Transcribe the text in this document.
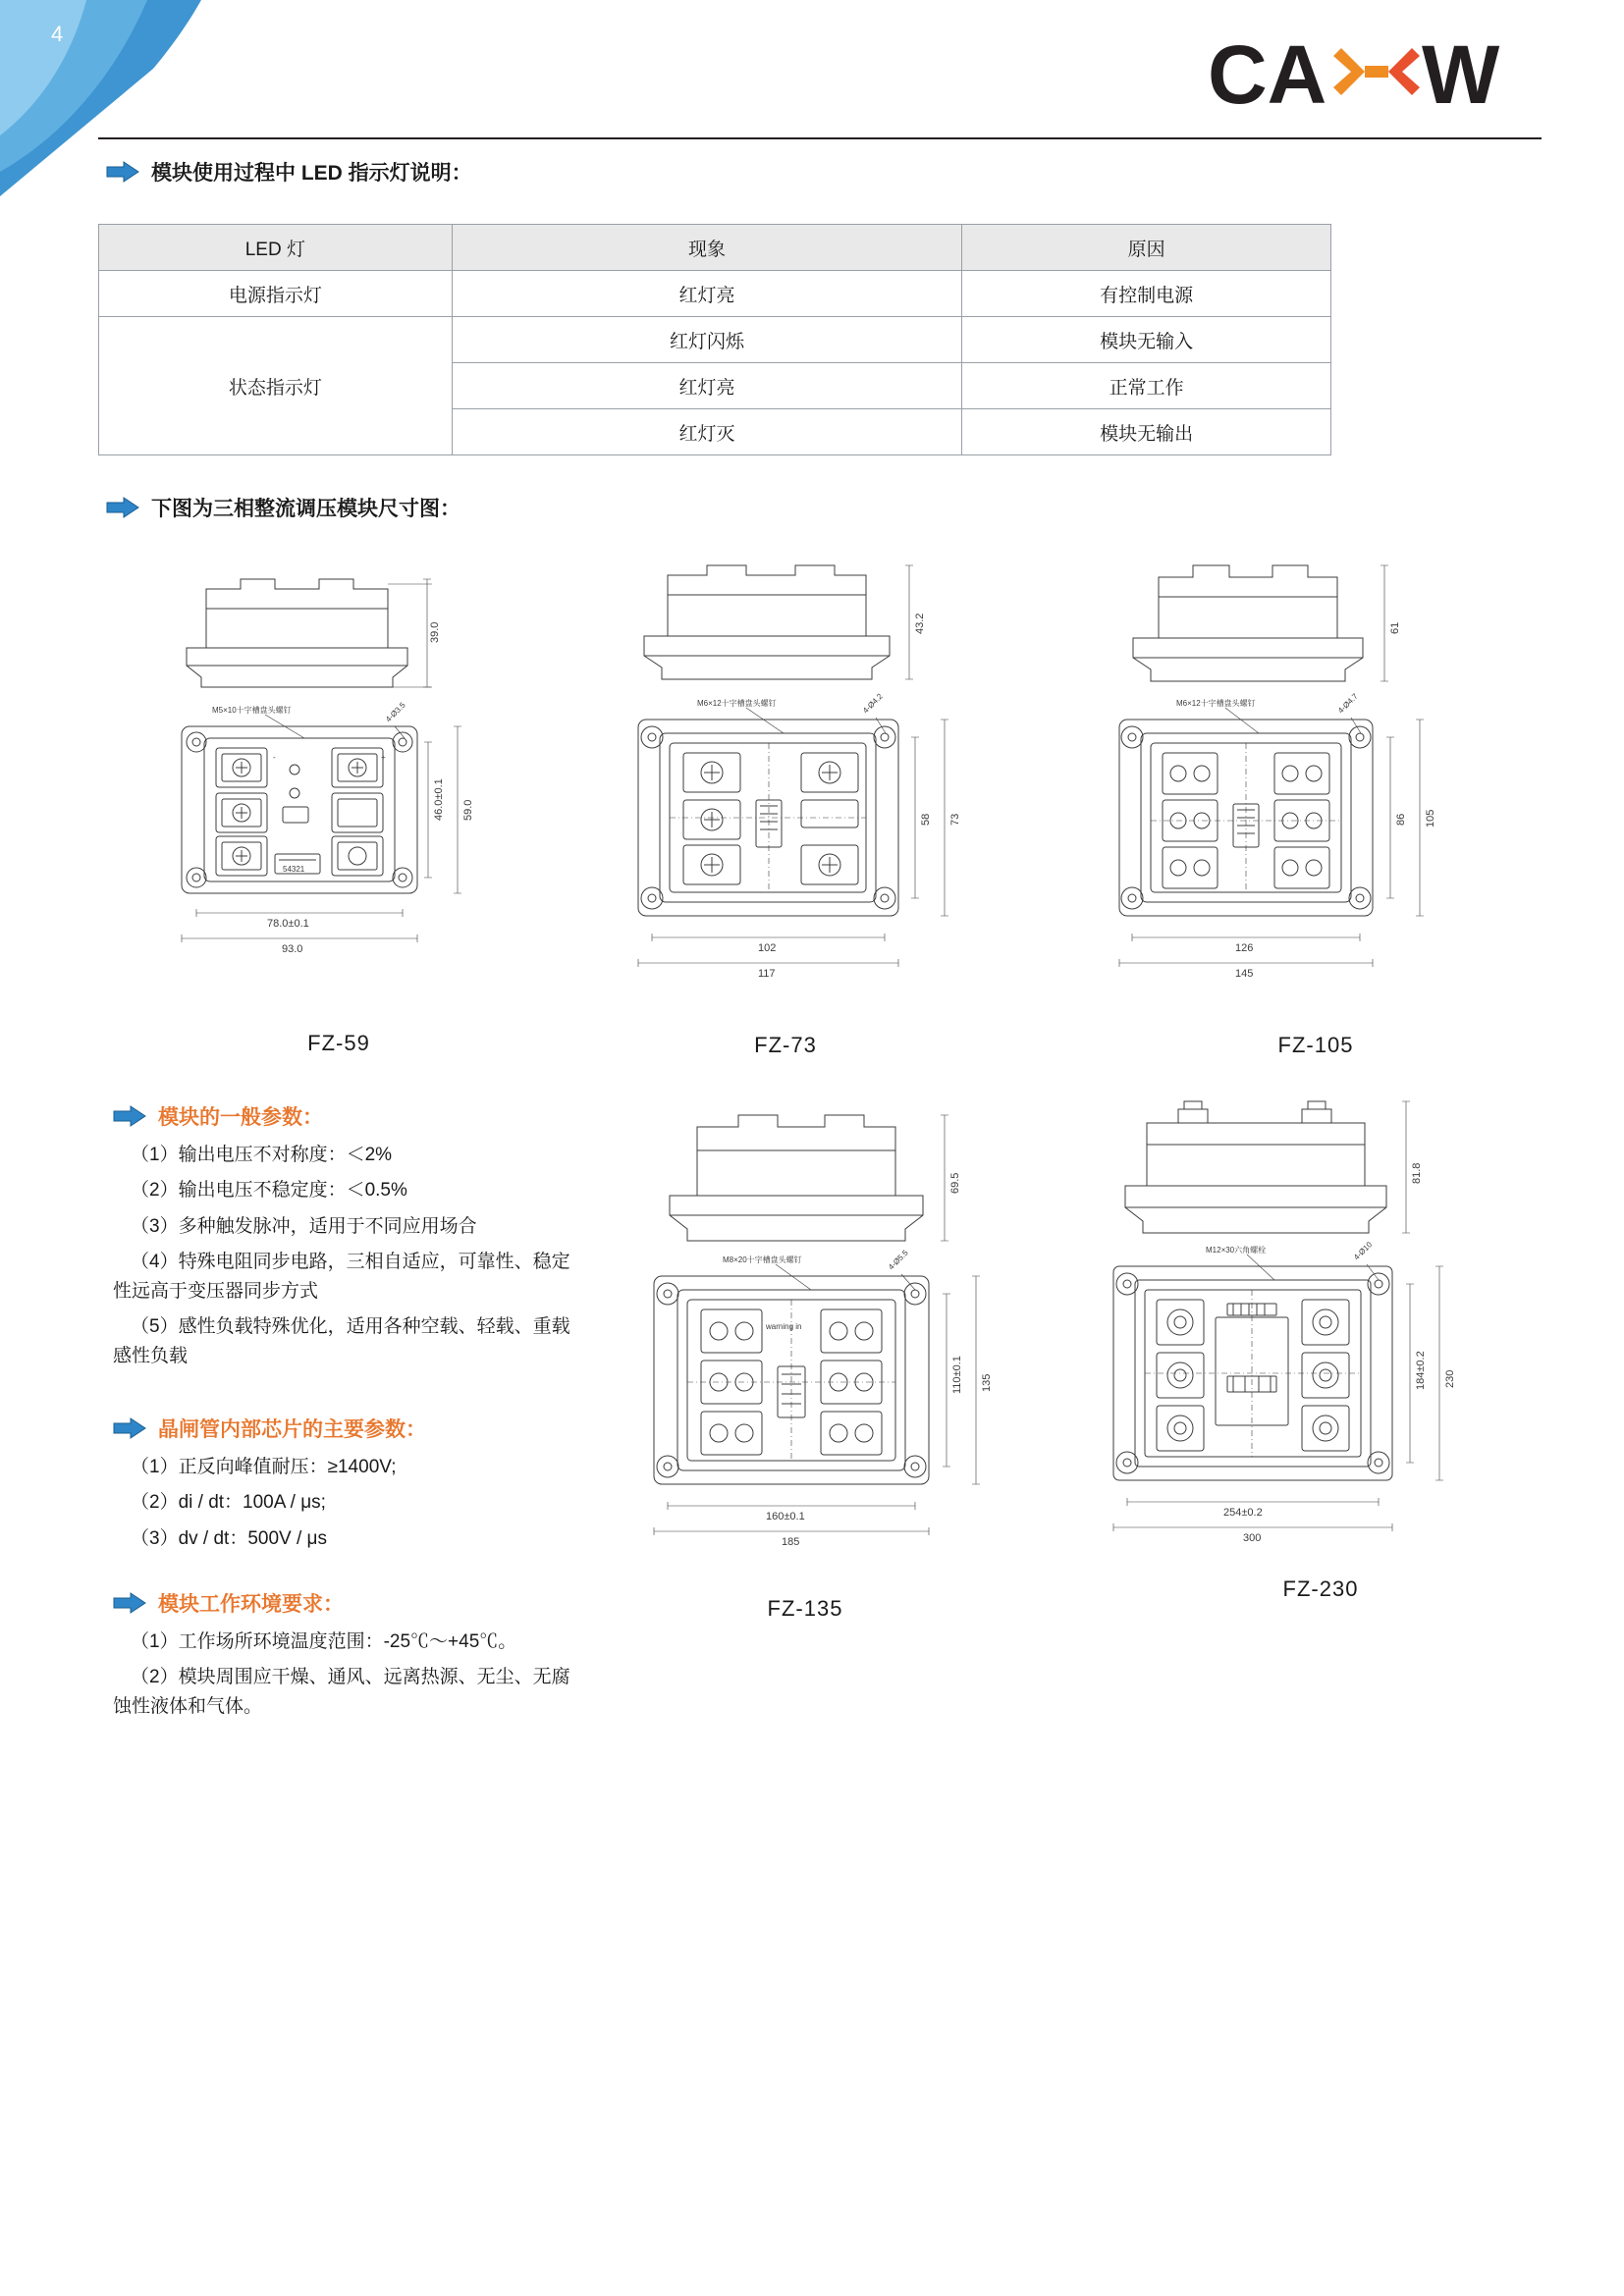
4	CA W
模块使用过程中 LED 指示灯说明：
LED 灯	现象	原因
电源指示灯	红灯亮	有控制电源
状态指示灯	红灯闪烁	模块无输入
	红灯亮	正常工作
	红灯灭	模块无输出
下图为三相整流调压模块尺寸图：
39.0
54321
-	+
M5×10十字槽盘头螺钉	4-Ø3.5
46.0±0.1 59.0
78.0±0.1
93.0
FZ-59
43.2
M6×12十字槽盘头螺钉	4-Ø4.2
58 73
102
117
FZ-73
61
M6×12十字槽盘头螺钉	4-Ø4.7
86 105
126
145
FZ-105
69.5
M8×20十字槽盘头螺钉	4-Ø5.5
warning in
110±0.1 135
160±0.1
185
FZ-135
81.8
M12×30六角螺栓	4-Ø10
184±0.2 230
254±0.2
300
FZ-230
模块的一般参数：

（1）输出电压不对称度：＜2%

（2）输出电压不稳定度：＜0.5%

（3）多种触发脉冲，适用于不同应用场合

（4）特殊电阻同步电路，三相自适应，可靠性、稳定性远高于变压器同步方式

（5）感性负载特殊优化，适用各种空载、轻载、重载感性负载

晶闸管内部芯片的主要参数：

（1）正反向峰值耐压：≥1400V;

（2）di / dt：100A / μs;

（3）dv / dt：500V / μs

模块工作环境要求：

（1）工作场所环境温度范围：-25℃～+45℃。

（2）模块周围应干燥、通风、远离热源、无尘、无腐蚀性液体和气体。
